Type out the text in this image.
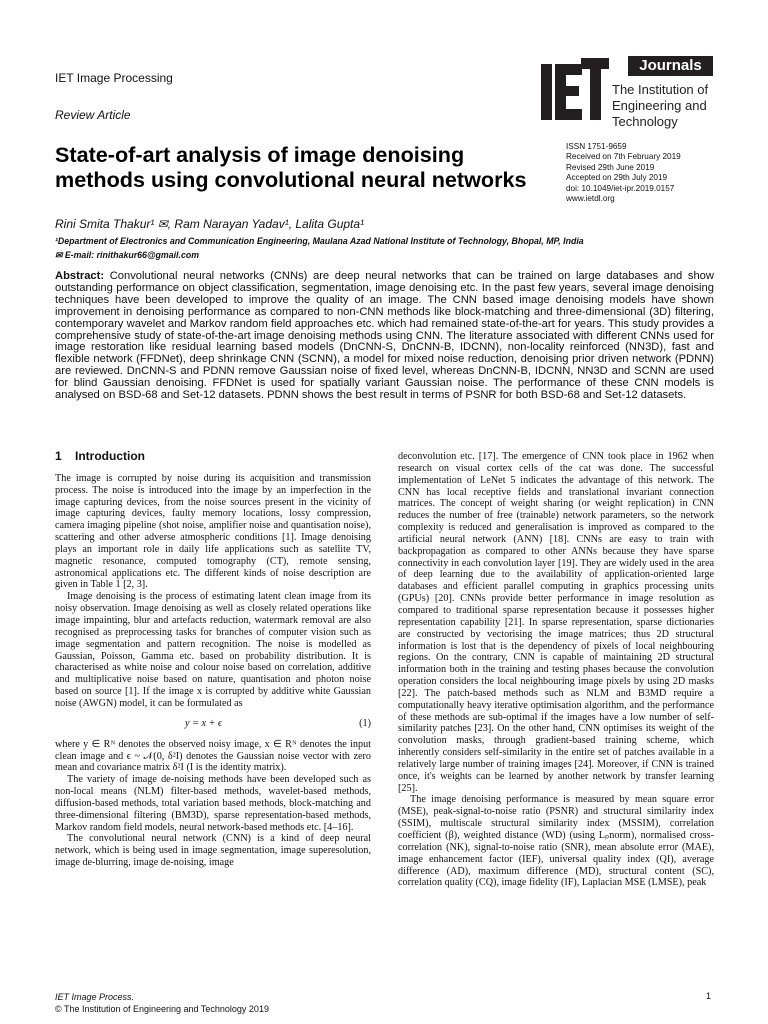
IET Image Processing
Review Article
Journals
The Institution of
Engineering and Technology
State-of-art analysis of image denoising methods using convolutional neural networks
ISSN 1751-9659
Received on 7th February 2019
Revised 29th June 2019
Accepted on 29th July 2019
doi: 10.1049/iet-ipr.2019.0157
www.ietdl.org
Rini Smita Thakur¹ ✉, Ram Narayan Yadav¹, Lalita Gupta¹
¹Department of Electronics and Communication Engineering, Maulana Azad National Institute of Technology, Bhopal, MP, India
✉ E-mail: rinithakur66@gmail.com
Abstract: Convolutional neural networks (CNNs) are deep neural networks that can be trained on large databases and show outstanding performance on object classification, segmentation, image denoising etc. In the past few years, several image denoising techniques have been developed to improve the quality of an image. The CNN based image denoising models have shown improvement in denoising performance as compared to non-CNN methods like block-matching and three-dimensional (3D) filtering, contemporary wavelet and Markov random field approaches etc. which had remained state-of-the-art for years. This study provides a comprehensive study of state-of-the-art image denoising methods using CNN. The literature associated with different CNNs used for image restoration like residual learning based models (DnCNN-S, DnCNN-B, IDCNN), non-locality reinforced (NN3D), fast and flexible network (FFDNet), deep shrinkage CNN (SCNN), a model for mixed noise reduction, denoising prior driven network (PDNN) are reviewed. DnCNN-S and PDNN remove Gaussian noise of fixed level, whereas DnCNN-B, IDCNN, NN3D and SCNN are used for blind Gaussian denoising. FFDNet is used for spatially variant Gaussian noise. The performance of these CNN models is analysed on BSD-68 and Set-12 datasets. PDNN shows the best result in terms of PSNR for both BSD-68 and Set-12 datasets.
1 Introduction

The image is corrupted by noise during its acquisition and transmission process. The noise is introduced into the image by an imperfection in the image capturing devices, from the noise sources present in the vicinity of image capturing devices, faulty memory locations, lossy compression, camera imaging pipeline (shot noise, amplifier noise and quantisation noise), scattering and other adverse atmospheric conditions [1]. Image denoising plays an important role in daily life applications such as satellite TV, magnetic resonance, computed tomography (CT), remote sensing, astronomical applications etc. The different kinds of noise description are given in Table 1 [2, 3].

Image denoising is the process of estimating latent clean image from its noisy observation. Image denoising as well as closely related operations like image impainting, blur and artefacts reduction, watermark removal are also recognised as preprocessing tasks for branches of computer vision such as image segmentation and pattern recognition. The noise is modelled as Gaussian, Poisson, Gamma etc. based on probability distribution. It is characterised as white noise and colour noise based on correlation, additive and multiplicative noise based on nature, quantisation and photon noise based on source [1]. If the image x is corrupted by additive white Gaussian noise (AWGN) model, it can be formulated as

y = x + ϵ	(1)

where y ∈ Rᴺ denotes the observed noisy image, x ∈ Rᴺ denotes the input clean image and ϵ ~ 𝒩(0, δ²I) denotes the Gaussian noise vector with zero mean and covariance matrix δ²I (I is the identity matrix).

The variety of image de-noising methods have been developed such as non-local means (NLM) filter-based methods, wavelet-based methods, diffusion-based methods, total variation based methods, block-matching and three-dimensional filtering (BM3D), sparse representation-based methods, Markov random field models, neural network-based methods etc. [4–16].

The convolutional neural network (CNN) is a kind of deep neural network, which is being used in image segmentation, image superesolution, image de-blurring, image de-noising, image

deconvolution etc. [17]. The emergence of CNN took place in 1962 when research on visual cortex cells of the cat was done. The successful implementation of LeNet 5 indicates the advantage of this network. The CNN has local receptive fields and translational invariant connection matrices. The concept of weight sharing (or weight replication) in CNN reduces the number of free (trainable) network parameters, so the network complexity is reduced and generalisation is improved as compared to the artificial neural network (ANN) [18]. CNNs are easy to train with backpropagation as compared to other ANNs because they have sparse connectivity in each convolution layer [19]. They are widely used in the area of deep learning due to the availability of application-oriented large databases and efficient parallel computing in graphics processing units (GPUs) [20]. CNNs provide better performance in image resolution as compared to traditional sparse representation because it possesses higher representation capability [21]. In sparse representation, sparse dictionaries are constructed by vectorising the image matrices; thus 2D structural information is lost that is the dependency of pixels of local neighbouring regions. On the contrary, CNN is capable of maintaining 2D structural information both in the training and testing phases because the convolution operation considers the local neighbouring image pixels by using 2D masks [22]. The patch-based methods such as NLM and B3MD require a computationally heavy iterative optimisation algorithm, and the performance of these methods are sub-optimal if the images have a low number of self-similarity patches [23]. On the other hand, CNN optimises its weight of the convolution masks, through gradient-based training scheme, which inherently considers self-similarity in the entire set of patches available in a relatively large number of training images [24]. Moreover, if CNN is trained once, it's weights can be learned by another network by transfer learning [25].

The image denoising performance is measured by mean square error (MSE), peak-signal-to-noise ratio (PSNR) and structural similarity index (SSIM), multiscale structural similarity index (MSSIM), correlation coefficient (β), weighted distance (WD) (using Lₚnorm), normalised cross-correlation (NK), signal-to-noise ratio (SNR), mean absolute error (MAE), image enhancement factor (IEF), universal quality index (QI), average difference (AD), maximum difference (MD), structural content (SC), correlation quality (CQ), image fidelity (IF), Laplacian MSE (LMSE), peak

IET Image Process.
© The Institution of Engineering and Technology 2019
1
